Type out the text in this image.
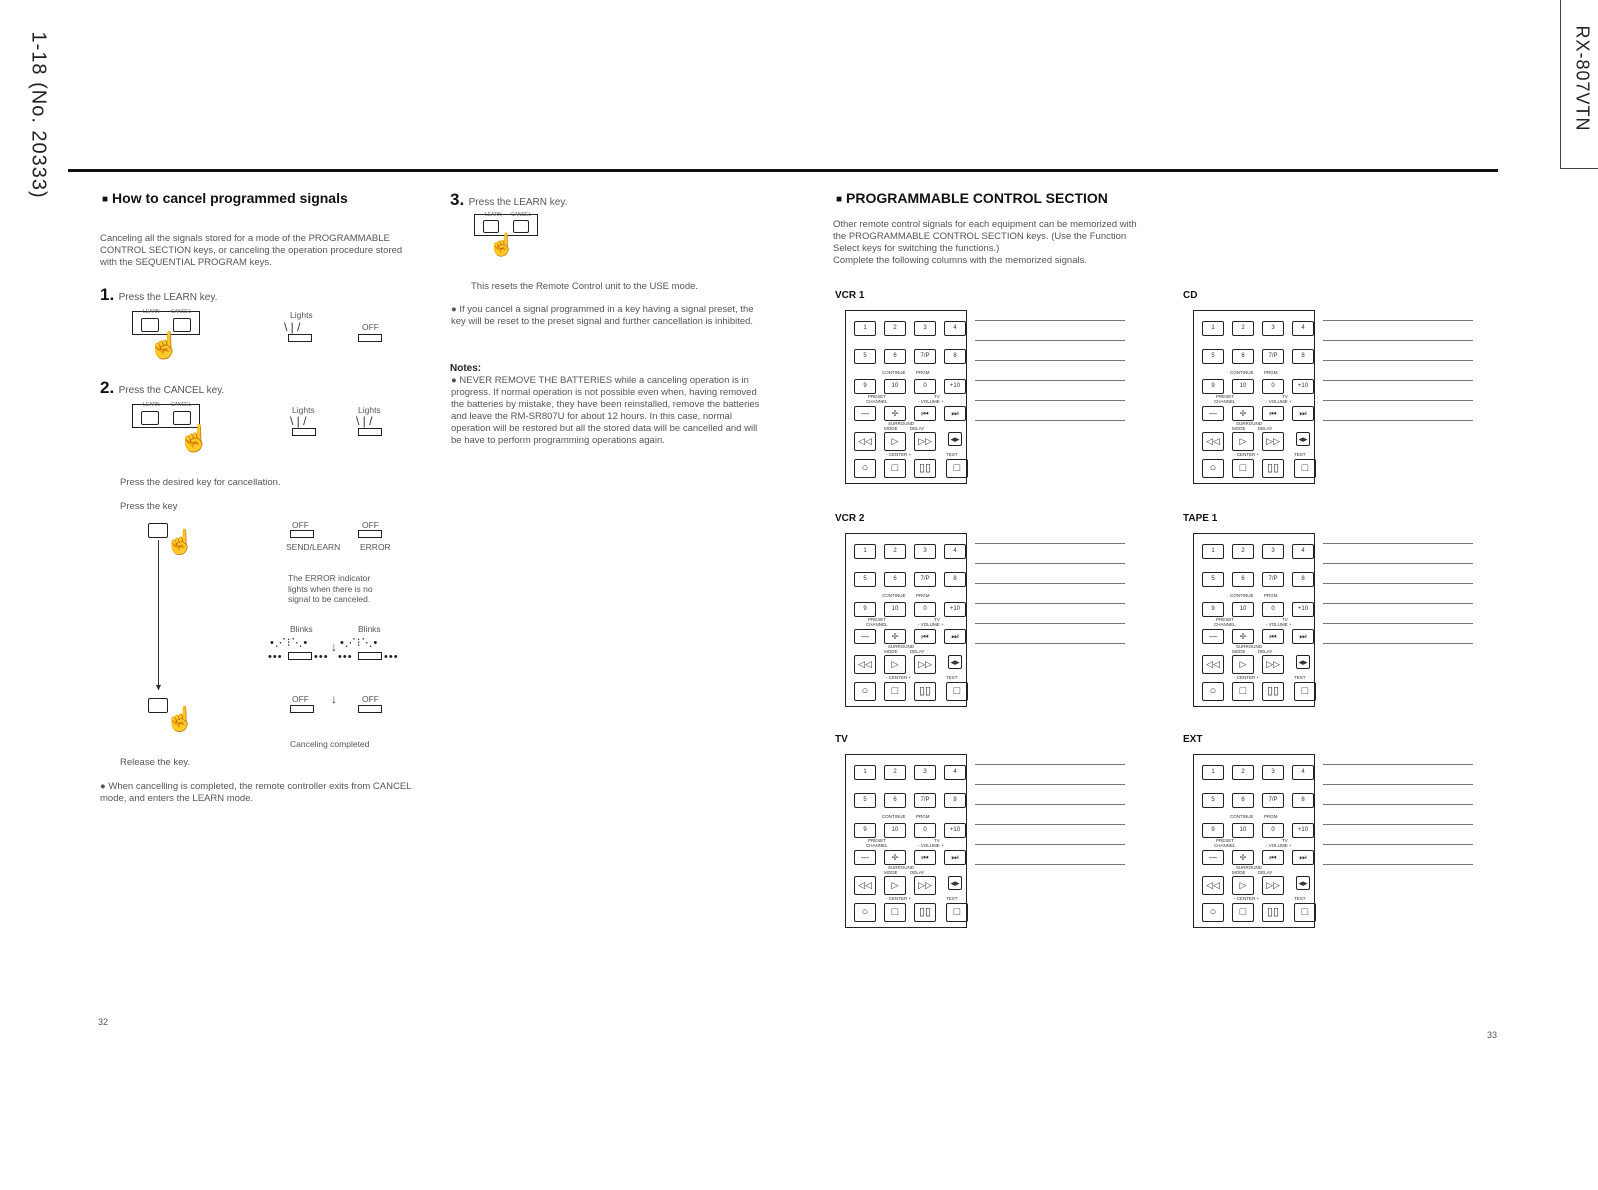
1-18 (No. 20333)	RX-807VTN
■ How to cancel programmed signals
Canceling all the signals stored for a mode of the PROGRAMMABLE CONTROL SECTION keys, or canceling the operation procedure stored with the SEQUENTIAL PROGRAM keys.
1. Press the LEARN key.
LEARN CANCEL
☝
Lights
\ | /	OFF
2. Press the CANCEL key.
LEARN CANCEL
☝
Lights
\ | /
Lights
\ | /
Press the desired key for cancellation.
Press the key
☝
▼
☝
Release the key.
OFF	OFF
SEND/LEARN ERROR
The ERROR indicator lights when there is no signal to be canceled.
Blinks	Blinks
•⋰⁝⋱•	•⋰⁝⋱•
↓
•••	••• •••	•••
OFF ↓	OFF
Canceling completed
● When cancelling is completed, the remote controller exits from CANCEL mode, and enters the LEARN mode.
32
3. Press the LEARN key.
LEARN CANCEL
☝
This resets the Remote Control unit to the USE mode.
● If you cancel a signal programmed in a key having a signal preset, the key will be reset to the preset signal and further cancellation is inhibited.
Notes:
● NEVER REMOVE THE BATTERIES while a canceling operation is in progress. If normal operation is not possible even when, having removed the batteries by mistake, they have been reinstalled, remove the batteries and leave the RM-SR807U for about 12 hours. In this case, normal operation will be restored but all the stored data will be cancelled and will be have to perform programming operations again.
■ PROGRAMMABLE CONTROL SECTION
Other remote control signals for each equipment can be memorized with the PROGRAMMABLE CONTROL SECTION keys. (Use the Function Select keys for switching the functions.)
Complete the following columns with the memorized signals.
VCR 1
1	2	3	4
5	6	7/P	8
9	10	0	+10
CONTINUE PRGM
PRESET
CHANNEL
TV
- VOLUME +
—	✢	⏮	⏭
SURROUND
MODE	DELAY
◁◁	▷	▷▷	◂▸
- CENTER +	TEST
○	□	▯▯	□
CD
1	2	3	4
5	6	7/P	8
9	10	0	+10
CONTINUE PRGM
PRESET
CHANNEL
TV
- VOLUME +
—	✢	⏮	⏭
SURROUND
MODE	DELAY
◁◁	▷	▷▷	◂▸
- CENTER +	TEST
○	□	▯▯	□
VCR 2
1	2	3	4
5	6	7/P	8
9	10	0	+10
CONTINUE PRGM
PRESET
CHANNEL
TV
- VOLUME +
—	✢	⏮	⏭
SURROUND
MODE	DELAY
◁◁	▷	▷▷	◂▸
- CENTER +	TEST
○	□	▯▯	□
TAPE 1
1	2	3	4
5	6	7/P	8
9	10	0	+10
CONTINUE PRGM
PRESET
CHANNEL
TV
- VOLUME +
—	✢	⏮	⏭
SURROUND
MODE	DELAY
◁◁	▷	▷▷	◂▸
- CENTER +	TEST
○	□	▯▯	□
TV
1	2	3	4
5	6	7/P	8
9	10	0	+10
CONTINUE PRGM
PRESET
CHANNEL
TV
- VOLUME +
—	✢	⏮	⏭
SURROUND
MODE	DELAY
◁◁	▷	▷▷	◂▸
- CENTER +	TEST
○	□	▯▯	□
EXT
1	2	3	4
5	6	7/P	8
9	10	0	+10
CONTINUE PRGM
PRESET
CHANNEL
TV
- VOLUME +
—	✢	⏮	⏭
SURROUND
MODE	DELAY
◁◁	▷	▷▷	◂▸
- CENTER +	TEST
○	□	▯▯	□
33
